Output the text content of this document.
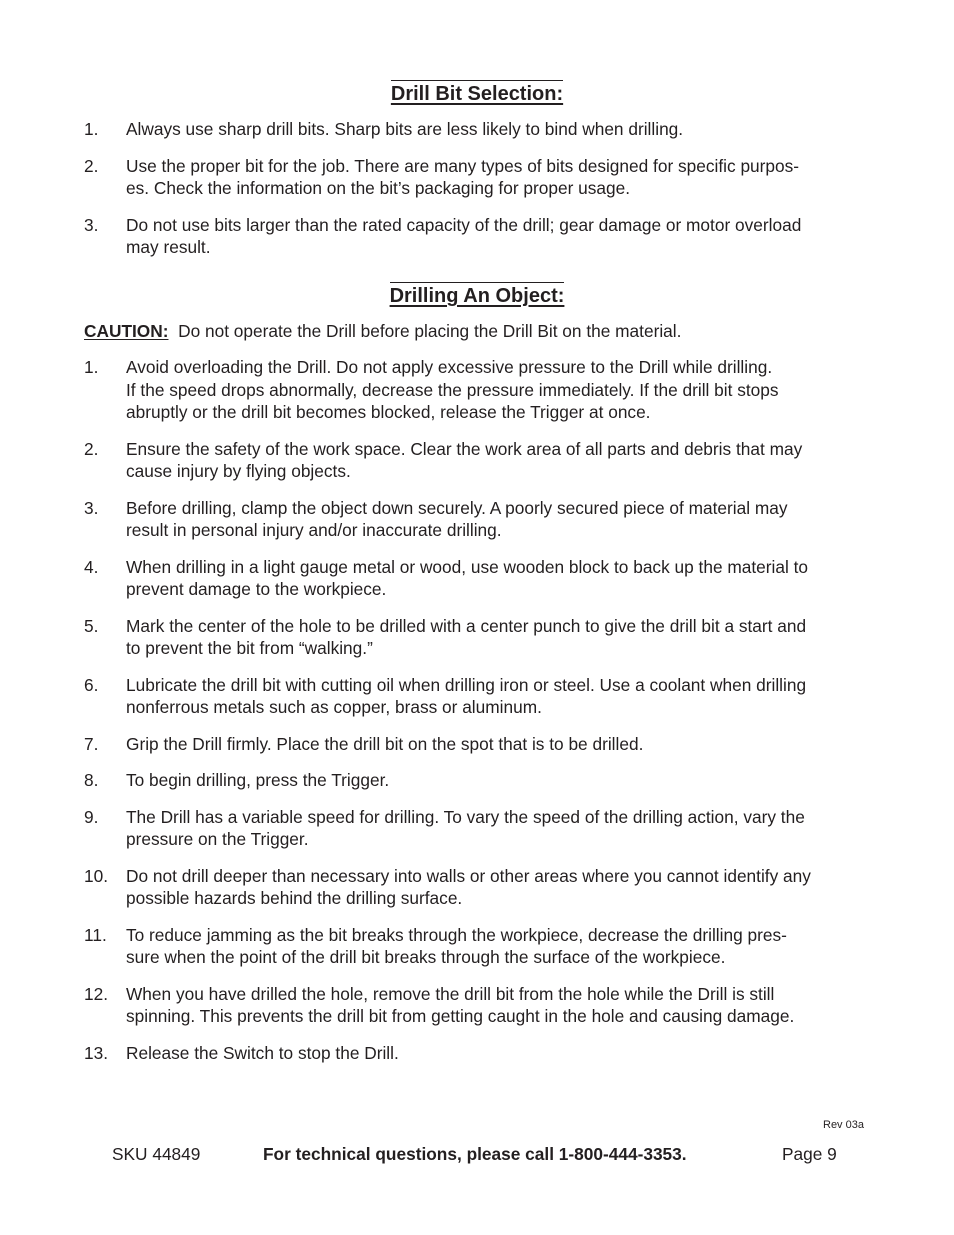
Drill Bit Selection:
1. Always use sharp drill bits. Sharp bits are less likely to bind when drilling.
2. Use the proper bit for the job. There are many types of bits designed for specific purpos-
es. Check the information on the bit’s packaging for proper usage.
3. Do not use bits larger than the rated capacity of the drill; gear damage or motor overload
may result.
Drilling An Object:
CAUTION:  Do not operate the Drill before placing the Drill Bit on the material.
1. Avoid overloading the Drill. Do not apply excessive pressure to the Drill while drilling.
If the speed drops abnormally, decrease the pressure immediately. If the drill bit stops
abruptly or the drill bit becomes blocked, release the Trigger at once.
2. Ensure the safety of the work space. Clear the work area of all parts and debris that may
cause injury by flying objects.
3. Before drilling, clamp the object down securely. A poorly secured piece of material may
result in personal injury and/or inaccurate drilling.
4. When drilling in a light gauge metal or wood, use wooden block to back up the material to
prevent damage to the workpiece.
5. Mark the center of the hole to be drilled with a center punch to give the drill bit a start and
to prevent the bit from “walking.”
6. Lubricate the drill bit with cutting oil when drilling iron or steel. Use a coolant when drilling
nonferrous metals such as copper, brass or aluminum.
7. Grip the Drill firmly. Place the drill bit on the spot that is to be drilled.
8. To begin drilling, press the Trigger.
9. The Drill has a variable speed for drilling. To vary the speed of the drilling action, vary the
pressure on the Trigger.
10. Do not drill deeper than necessary into walls or other areas where you cannot identify any
possible hazards behind the drilling surface.
11. To reduce jamming as the bit breaks through the workpiece, decrease the drilling pres-
sure when the point of the drill bit breaks through the surface of the workpiece.
12. When you have drilled the hole, remove the drill bit from the hole while the Drill is still
spinning. This prevents the drill bit from getting caught in the hole and causing damage.
13. Release the Switch to stop the Drill.
Rev 03a
SKU 44849	For technical questions, please call 1-800-444-3353.	Page 9
